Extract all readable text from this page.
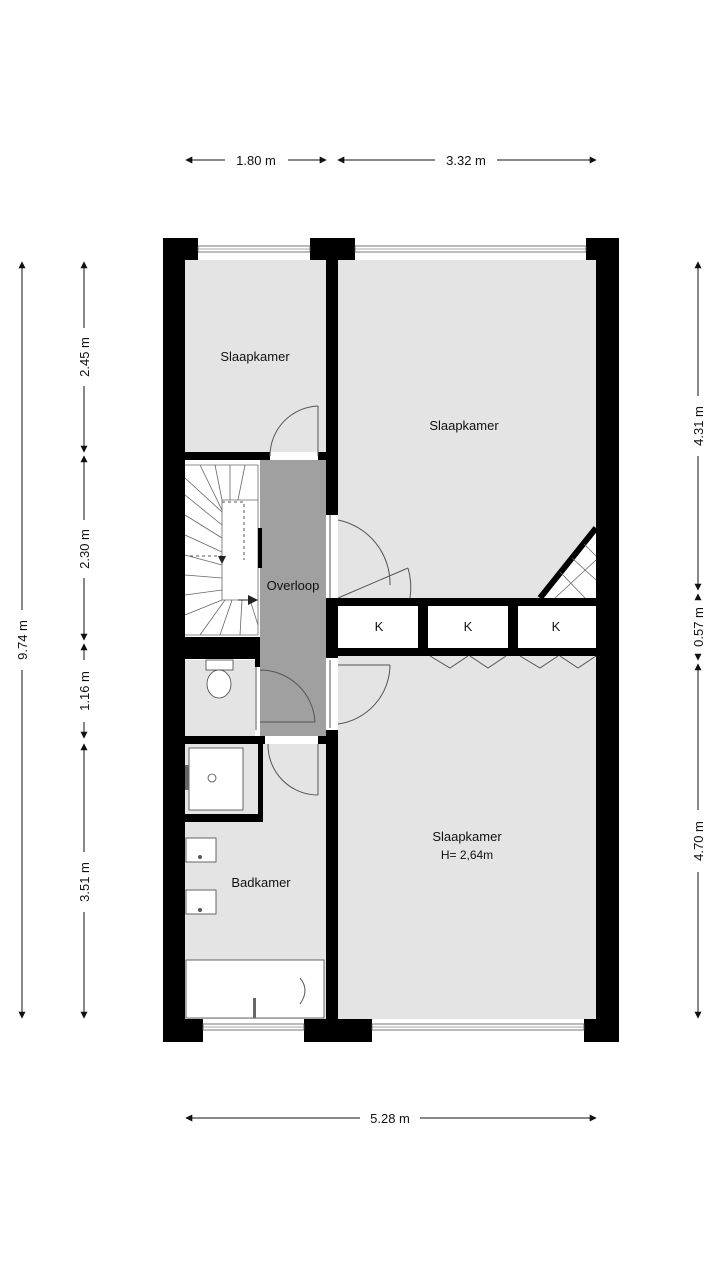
Slaapkamer
Slaapkamer
Overloop
Slaapkamer
H= 2,64m
Badkamer
K	K	K
1.80 m	3.32 m
5.28 m
9.74 m
2.45 m
2.30 m
1.16 m
3.51 m
4.31 m
0.57 m
4.70 m
